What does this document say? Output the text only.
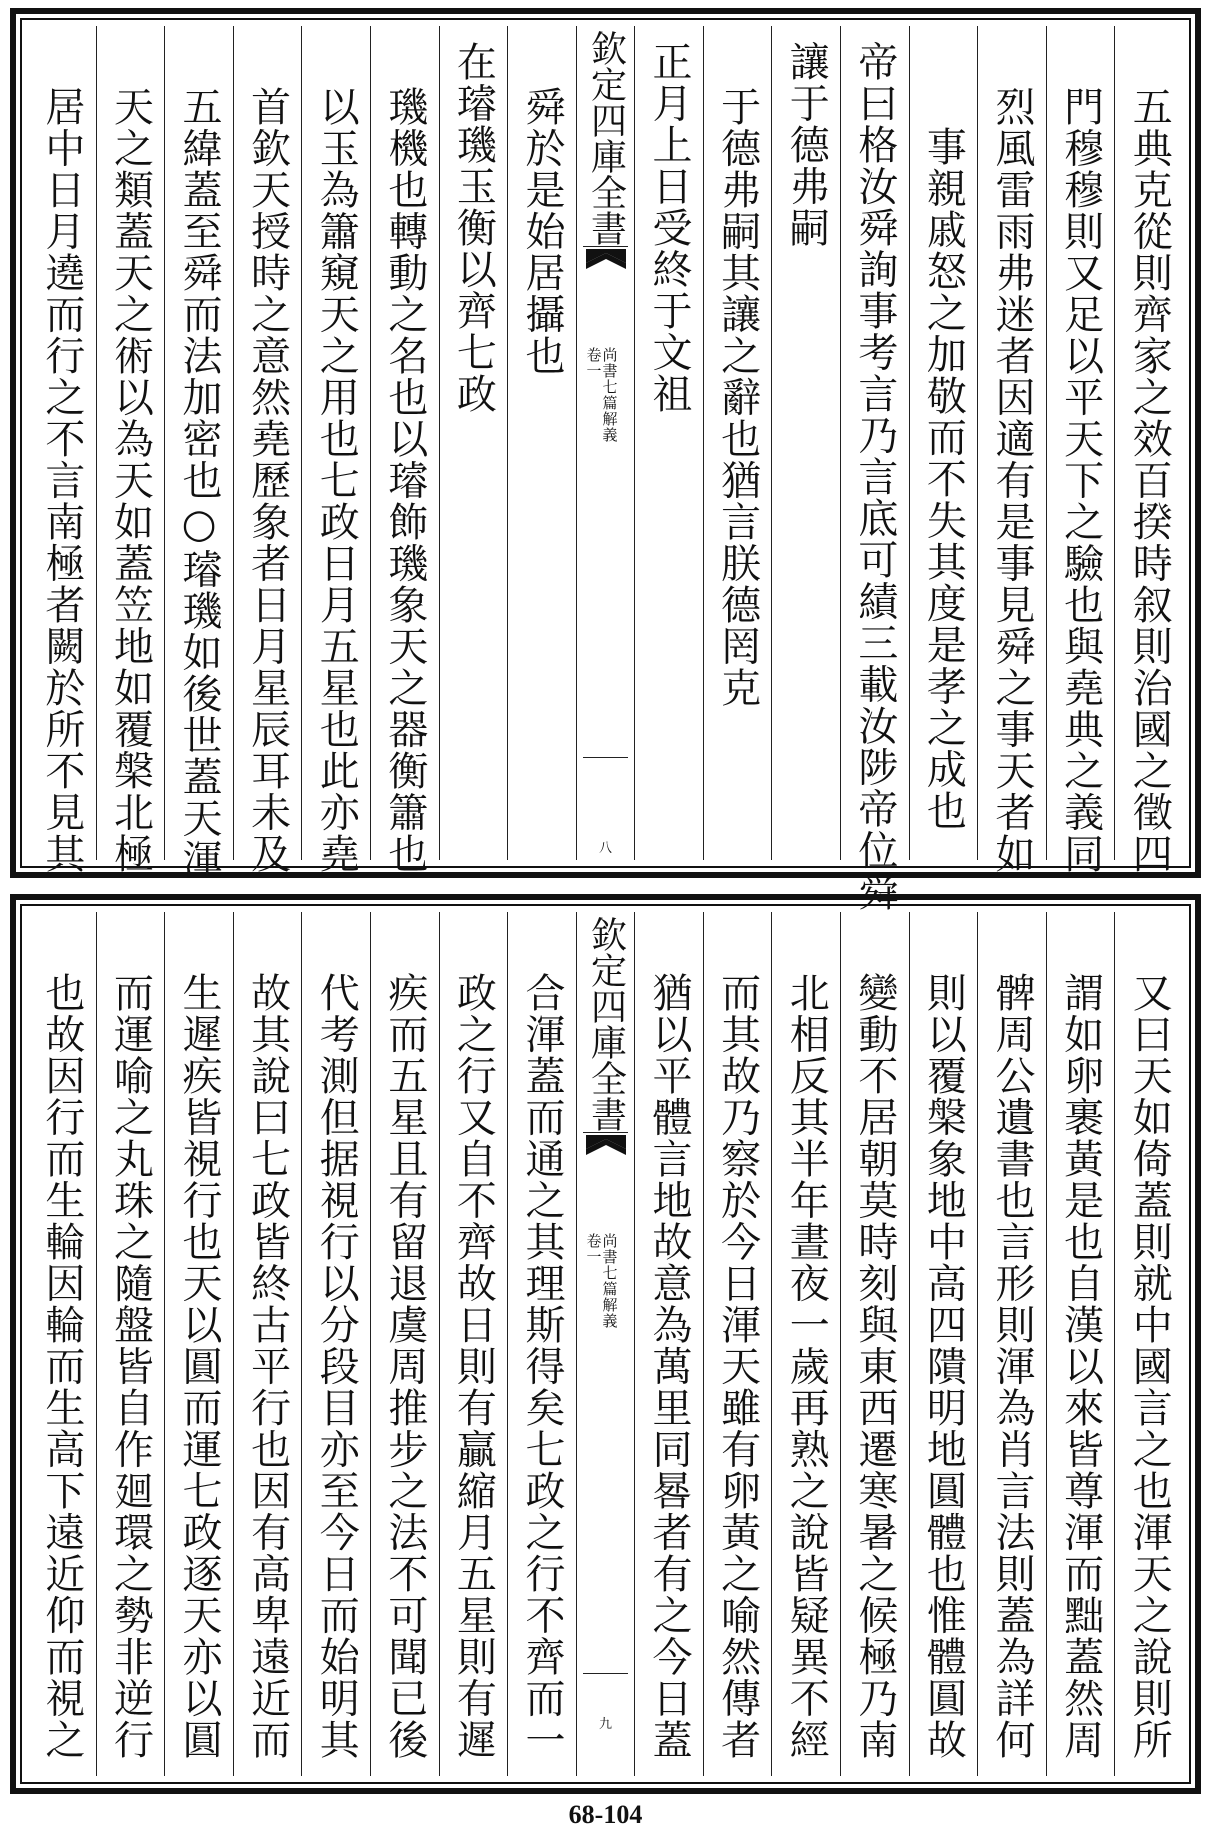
五典克從則齊家之效百揆時叙則治國之徵四
門穆穆則又足以平天下之驗也與堯典之義同
烈風雷雨弗迷者因適有是事見舜之事天者如
事親戚怒之加敬而不失其度是孝之成也
帝曰格汝舜詢事考言乃言底可績三載汝陟帝位舜
讓于德弗嗣
于德弗嗣其讓之辭也猶言朕德罔克
正月上日受終于文祖
欽定四庫全書
尚書七篇解義
卷一
八
舜於是始居攝也
在璿璣玉衡以齊七政
璣機也轉動之名也以璿飾璣象天之器衡簫也
以玉為簫窺天之用也七政日月五星也此亦堯
首欽天授時之意然堯歷象者日月星辰耳未及
五緯蓋至舜而法加密也○璿璣如後世蓋天渾
天之類蓋天之術以為天如蓋笠地如覆槃北極
居中日月遶而行之不言南極者闕於所不見其
又曰天如倚蓋則就中國言之也渾天之說則所
謂如卵裹黃是也自漢以來皆尊渾而黜蓋然周
髀周公遺書也言形則渾為肖言法則蓋為詳何
則以覆槃象地中高四隤明地圓體也惟體圓故
變動不居朝莫時刻與東西遷寒暑之候極乃南
北相反其半年晝夜一歲再熟之說皆疑異不經
而其故乃察於今日渾天雖有卵黃之喻然傳者
猶以平體言地故意為萬里同晷者有之今日蓋
欽定四庫全書
尚書七篇解義
卷一
九
合渾蓋而通之其理斯得矣七政之行不齊而一
政之行又自不齊故日則有贏縮月五星則有遲
疾而五星且有留退虞周推步之法不可聞已後
代考測但据視行以分段目亦至今日而始明其
故其說曰七政皆終古平行也因有高卑遠近而
生遲疾皆視行也天以圓而運七政逐天亦以圓
而運喻之丸珠之隨盤皆自作廻環之勢非逆行
也故因行而生輪因輪而生高下遠近仰而視之
68-104
